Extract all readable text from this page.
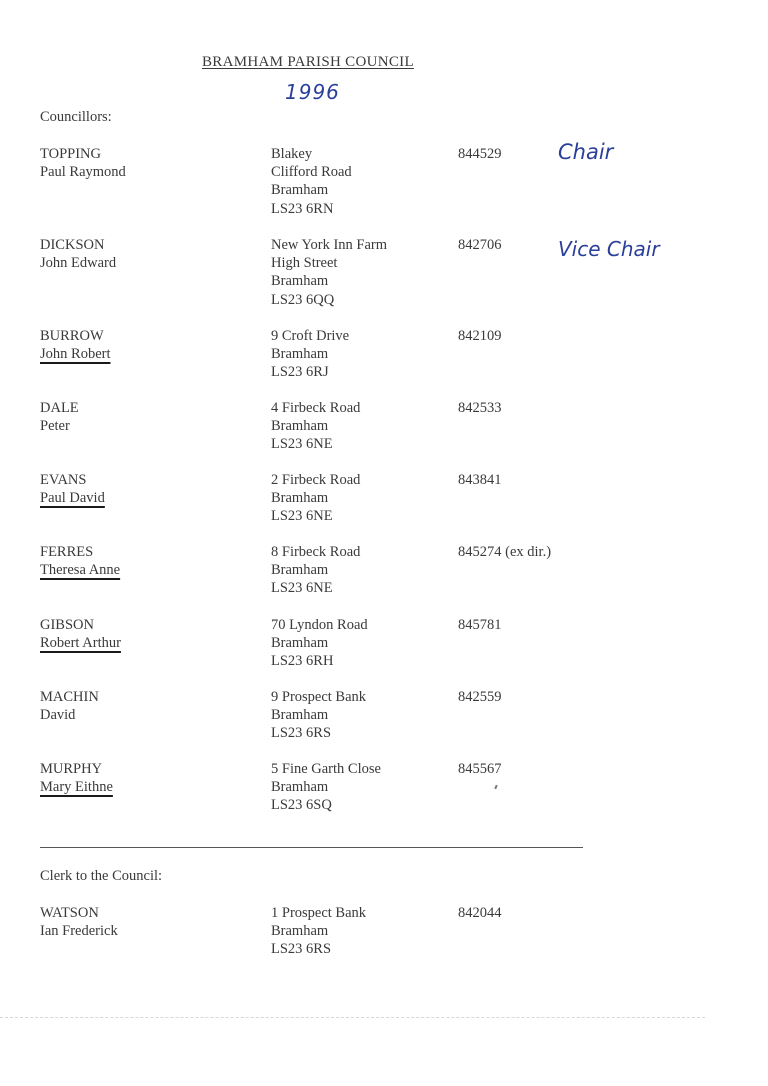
BRAMHAM PARISH COUNCIL
1996
Councillors:
TOPPING
Paul Raymond
Blakey
Clifford Road
Bramham
LS23 6RN
844529	Chair
DICKSON
John Edward
New York Inn Farm
High Street
Bramham
LS23 6QQ
842706	Vice Chair
BURROW
John Robert
9 Croft Drive
Bramham
LS23 6RJ
842109
DALE
Peter
4 Firbeck Road
Bramham
LS23 6NE
842533
EVANS
Paul David
2 Firbeck Road
Bramham
LS23 6NE
843841
FERRES
Theresa Anne
8 Firbeck Road
Bramham
LS23 6NE
845274 (ex dir.)
GIBSON
Robert Arthur
70 Lyndon Road
Bramham
LS23 6RH
845781
MACHIN
David
9 Prospect Bank
Bramham
LS23 6RS
842559
MURPHY
Mary Eithne
5 Fine Garth Close
Bramham
LS23 6SQ
845567
Clerk to the Council:
WATSON
Ian Frederick
1 Prospect Bank
Bramham
LS23 6RS
842044
